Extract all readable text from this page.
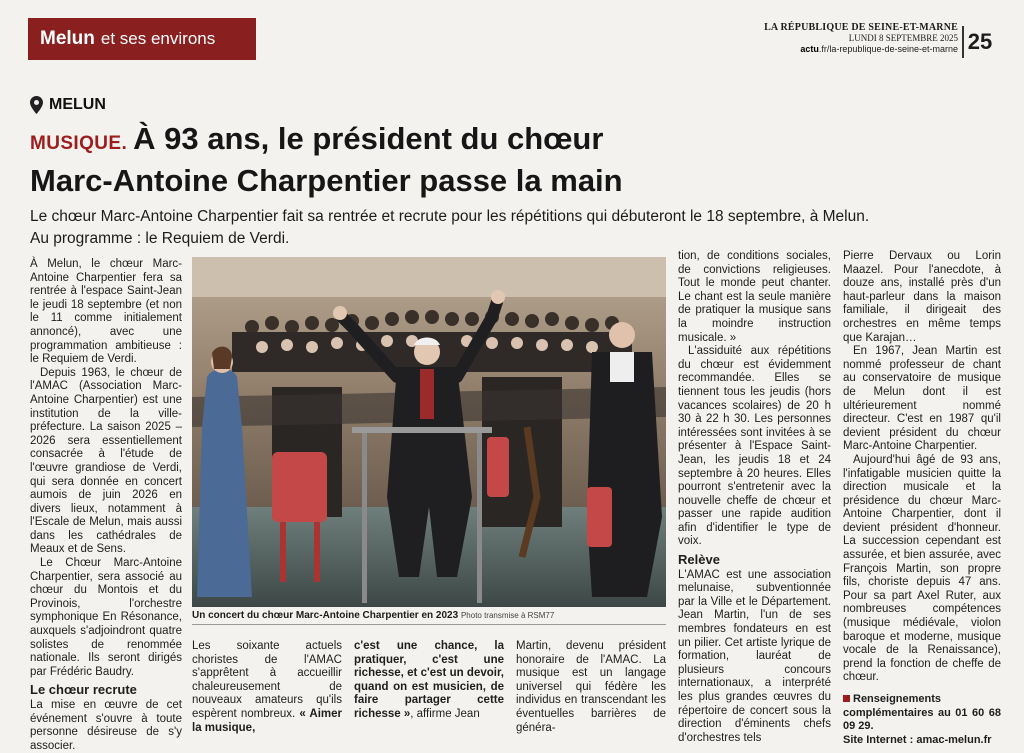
Melun et ses environs
LA RÉPUBLIQUE DE SEINE-ET-MARNE
LUNDI 8 SEPTEMBRE 2025
actu.fr/la-republique-de-seine-et-marne 25
MELUN
MUSIQUE. À 93 ans, le président du chœur
Marc-Antoine Charpentier passe la main
Le chœur Marc-Antoine Charpentier fait sa rentrée et recrute pour les répétitions qui débuteront le 18 septembre, à Melun.
Au programme : le Requiem de Verdi.

À Melun, le chœur Marc-Antoine Charpentier fera sa rentrée à l'espace Saint-Jean le jeudi 18 septembre (et non le 11 comme initialement annoncé), avec une programmation ambitieuse : le Requiem de Verdi.

Depuis 1963, le chœur de l'AMAC (Association Marc-Antoine Charpentier) est une institution de la ville-préfecture. La saison 2025 – 2026 sera essentiellement consacrée à l'étude de l'œuvre grandiose de Verdi, qui sera donnée en concert aumois de juin 2026 en divers lieux, notamment à l'Escale de Melun, mais aussi dans les cathédrales de Meaux et de Sens.

Le Chœur Marc-Antoine Charpentier, sera associé au chœur du Montois et du Provinois, l'orchestre symphonique En Résonance, auxquels s'adjoindront quatre solistes de renommée nationale. Ils seront dirigés par Frédéric Baudry.

Le chœur recrute

La mise en œuvre de cet événement s'ouvre à toute personne désireuse de s'y associer.

Un concert du chœur Marc-Antoine Charpentier en 2023 Photo transmise à RSM77
Les soixante actuels choristes de l'AMAC s'apprêtent à accueillir chaleureusement de nouveaux amateurs qu'ils espèrent nombreux. « Aimer la musique,
c'est une chance, la pratiquer, c'est une richesse, et c'est un devoir, quand on est musicien, de faire partager cette richesse », affirme Jean
Martin, devenu président honoraire de l'AMAC. La musique est un langage universel qui fédère les individus en transcendant les éventuelles barrières de généra-

tion, de conditions sociales, de convictions religieuses. Tout le monde peut chanter. Le chant est la seule manière de pratiquer la musique sans la moindre instruction musicale. »

L'assiduité aux répétitions du chœur est évidemment recommandée. Elles se tiennent tous les jeudis (hors vacances scolaires) de 20 h 30 à 22 h 30. Les personnes intéressées sont invitées à se présenter à l'Espace Saint-Jean, les jeudis 18 et 24 septembre à 20 heures. Elles pourront s'entretenir avec la nouvelle cheffe de chœur et passer une rapide audition afin d'identifier le type de voix.

Relève

L'AMAC est une association melunaise, subventionnée par la Ville et le Département. Jean Martin, l'un de ses membres fondateurs en est un pilier. Cet artiste lyrique de formation, lauréat de plusieurs concours internationaux, a interprété les plus grandes œuvres du répertoire de concert sous la direction d'éminents chefs d'orchestres tels

Pierre Dervaux ou Lorin Maazel. Pour l'anecdote, à douze ans, installé près d'un haut-parleur dans la maison familiale, il dirigeait des orchestres en même temps que Karajan…

En 1967, Jean Martin est nommé professeur de chant au conservatoire de musique de Melun dont il est ultérieurement nommé directeur. C'est en 1987 qu'il devient président du chœur Marc-Antoine Charpentier.

Aujourd'hui âgé de 93 ans, l'infatigable musicien quitte la direction musicale et la présidence du chœur Marc-Antoine Charpentier, dont il devient président d'honneur. La succession cependant est assurée, et bien assurée, avec François Martin, son propre fils, choriste depuis 47 ans. Pour sa part Axel Ruter, aux nombreuses compétences (musique médiévale, violon baroque et moderne, musique vocale de la Renaissance), prend la fonction de cheffe de chœur.

Renseignements complémentaires au 01 60 68 09 29.
Site Internet : amac-melun.fr
